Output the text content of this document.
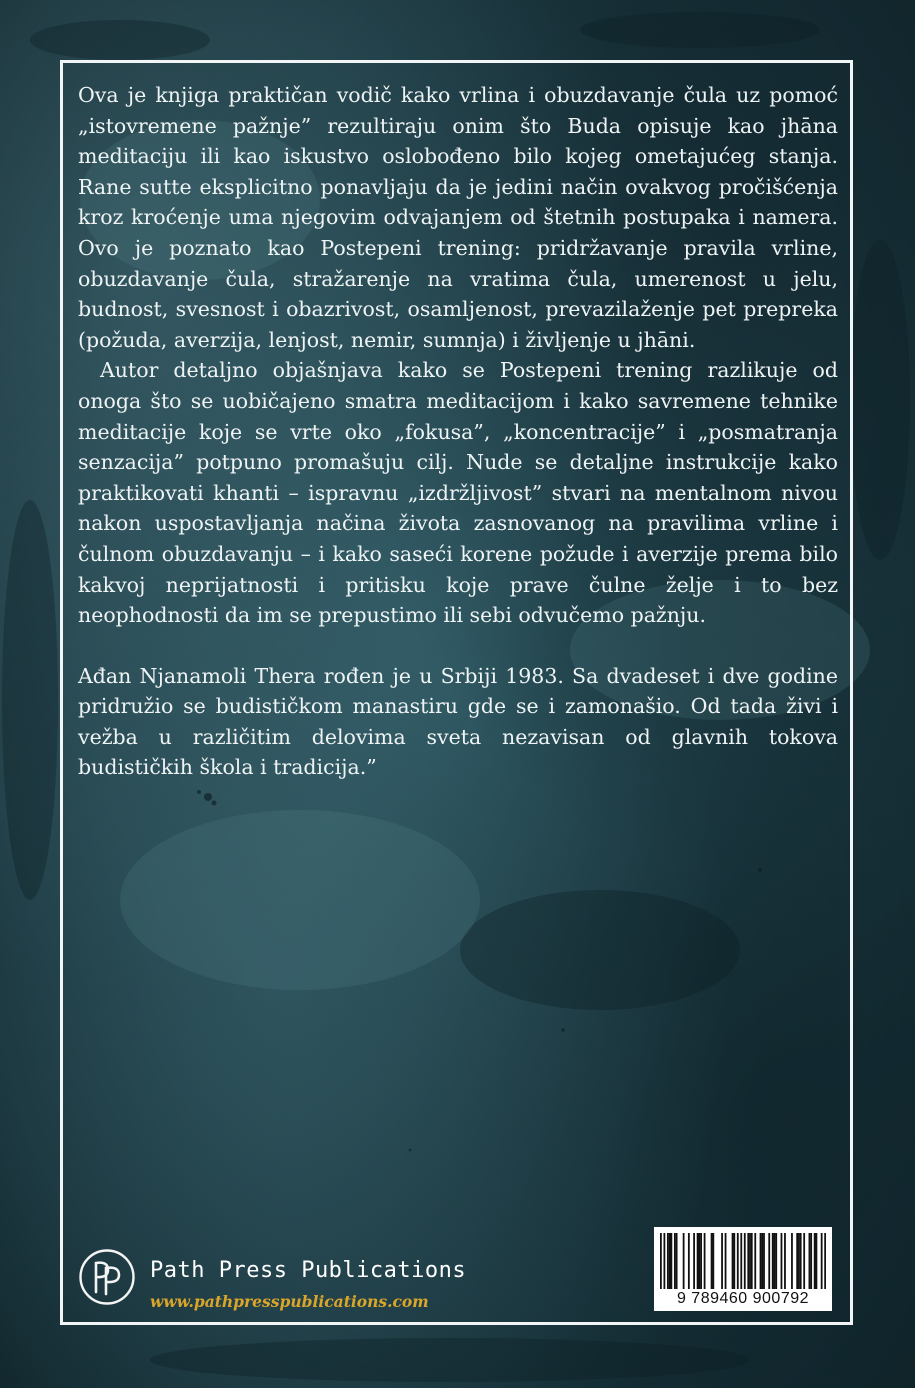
Ova je knjiga praktičan vodič kako vrlina i obuzdavanje čula uz pomoć „istovremene pažnje” rezultiraju onim što Buda opisuje kao jhāna meditaciju ili kao iskustvo oslobođeno bilo kojeg ometajućeg stanja. Rane sutte eksplicitno ponavljaju da je jedini način ovakvog pročišćenja kroz kroćenje uma njegovim odvajanjem od štetnih postupaka i namera. Ovo je poznato kao Postepeni trening: pridržavanje pravila vrline, obuzdavanje čula, stražarenje na vratima čula, umerenost u jelu, budnost, svesnost i obazrivost, osamljenost, prevazilaženje pet prepreka (požuda, averzija, lenjost, nemir, sumnja) i življenje u jhāni.

Autor detaljno objašnjava kako se Postepeni trening razlikuje od onoga što se uobičajeno smatra meditacijom i kako savremene tehnike meditacije koje se vrte oko „fokusa”, „koncentracije” i „posmatranja senzacija” potpuno promašuju cilj. Nude se detaljne instrukcije kako praktikovati khanti – ispravnu „izdržljivost” stvari na mentalnom nivou nakon uspostavljanja načina života zasnovanog na pravilima vrline i čulnom obuzdavanju – i kako saseći korene požude i averzije prema bilo kakvoj neprijatnosti i pritisku koje prave čulne želje i to bez neophodnosti da im se prepustimo ili sebi odvučemo pažnju.

Ađan Njanamoli Thera rođen je u Srbiji 1983. Sa dvadeset i dve godine pridružio se budističkom manastiru gde se i zamonašio. Od tada živi i vežba u različitim delovima sveta nezavisan od glavnih tokova budističkih škola i tradicija.”

Path Press Publications
www.pathpresspublications.com	9 789460 900792
